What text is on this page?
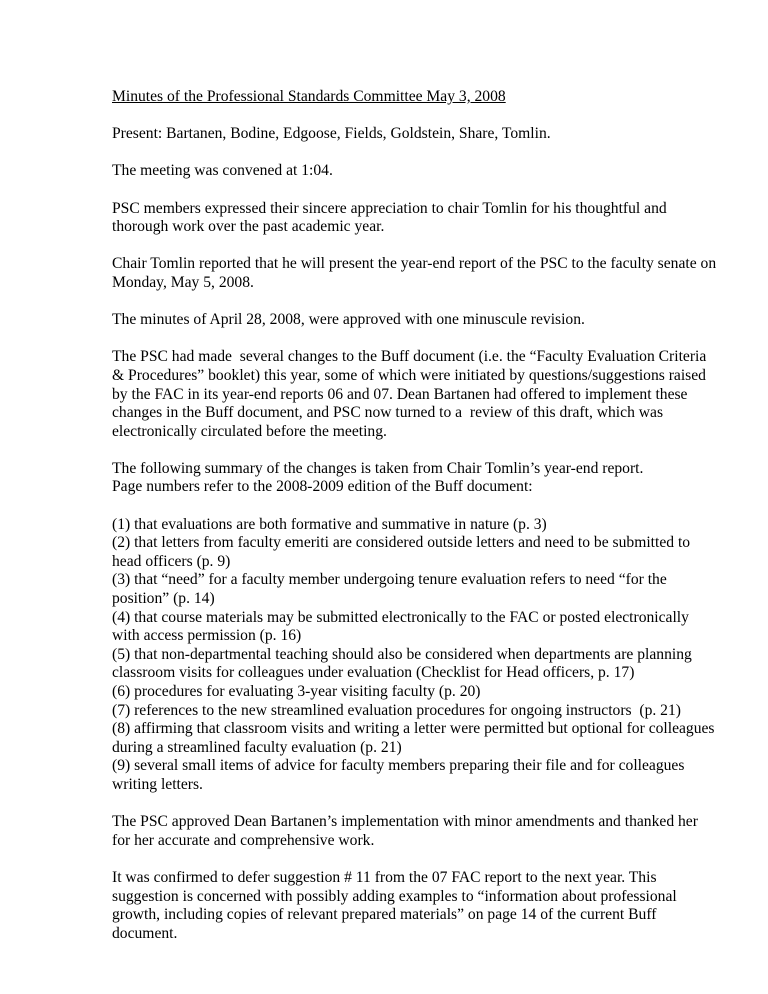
Minutes of the Professional Standards Committee May 3, 2008

Present: Bartanen, Bodine, Edgoose, Fields, Goldstein, Share, Tomlin.

The meeting was convened at 1:04.

PSC members expressed their sincere appreciation to chair Tomlin for his thoughtful and
thorough work over the past academic year.

Chair Tomlin reported that he will present the year-end report of the PSC to the faculty senate on
Monday, May 5, 2008.

The minutes of April 28, 2008, were approved with one minuscule revision.

The PSC had made  several changes to the Buff document (i.e. the “Faculty Evaluation Criteria
& Procedures” booklet) this year, some of which were initiated by questions/suggestions raised
by the FAC in its year-end reports 06 and 07. Dean Bartanen had offered to implement these
changes in the Buff document, and PSC now turned to a  review of this draft, which was
electronically circulated before the meeting.

The following summary of the changes is taken from Chair Tomlin’s year-end report.
Page numbers refer to the 2008-2009 edition of the Buff document:

(1) that evaluations are both formative and summative in nature (p. 3)
(2) that letters from faculty emeriti are considered outside letters and need to be submitted to
head officers (p. 9)
(3) that “need” for a faculty member undergoing tenure evaluation refers to need “for the
position” (p. 14)
(4) that course materials may be submitted electronically to the FAC or posted electronically
with access permission (p. 16)
(5) that non-departmental teaching should also be considered when departments are planning
classroom visits for colleagues under evaluation (Checklist for Head officers, p. 17)
(6) procedures for evaluating 3-year visiting faculty (p. 20)
(7) references to the new streamlined evaluation procedures for ongoing instructors  (p. 21)
(8) affirming that classroom visits and writing a letter were permitted but optional for colleagues
during a streamlined faculty evaluation (p. 21)
(9) several small items of advice for faculty members preparing their file and for colleagues
writing letters.

The PSC approved Dean Bartanen’s implementation with minor amendments and thanked her
for her accurate and comprehensive work.

It was confirmed to defer suggestion # 11 from the 07 FAC report to the next year. This
suggestion is concerned with possibly adding examples to “information about professional
growth, including copies of relevant prepared materials” on page 14 of the current Buff
document.
